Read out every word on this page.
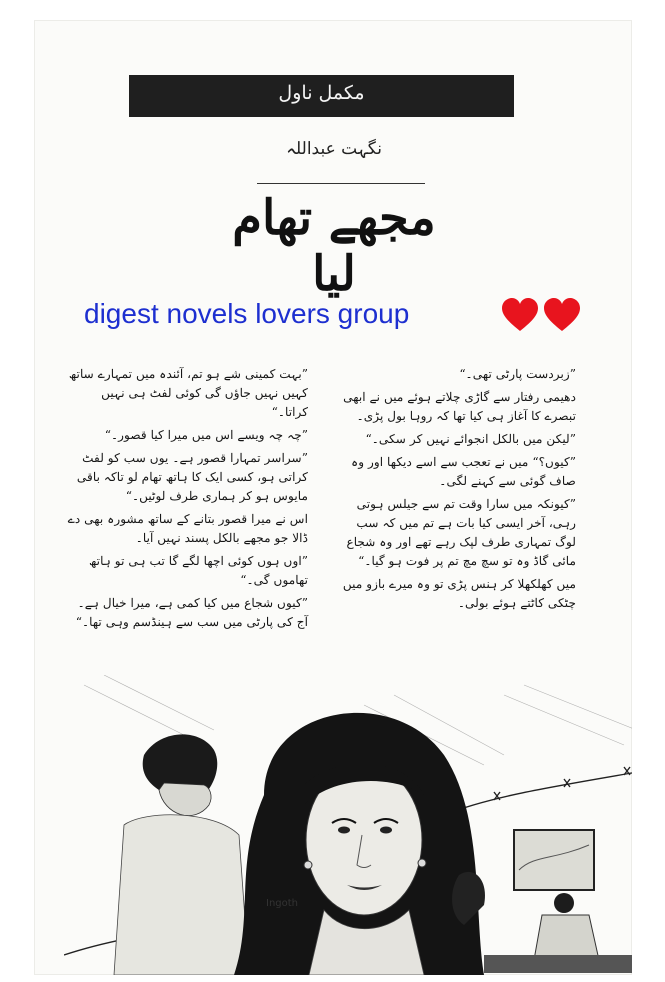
مکمل ناول
نگہت عبداللہ
مجھے تھام لیا
digest novels lovers group

”زبردست پارٹی تھی۔“

دھیمی رفتار سے گاڑی چلاتے ہوئے میں نے ابھی تبصرے کا آغاز ہی کیا تھا کہ روہا بول پڑی۔

”لیکن میں بالکل انجوائے نہیں کر سکی۔“

”کیوں؟“ میں نے تعجب سے اسے دیکھا اور وہ صاف گوئی سے کہنے لگی۔

”کیونکہ میں سارا وقت تم سے جیلس ہوتی رہی، آخر ایسی کیا بات ہے تم میں کہ سب لوگ تمہاری طرف لپک رہے تھے اور وہ شجاع مائی گاڈ وہ تو سچ مچ تم پر فوت ہو گیا۔“

میں کھلکھلا کر ہنس پڑی تو وہ میرے بازو میں چٹکی کاٹتے ہوئے بولی۔

”بہت کمینی شے ہو تم، آئندہ میں تمہارے ساتھ کہیں نہیں جاؤں گی کوئی لفٹ ہی نہیں کراتا۔“

”چہ چہ ویسے اس میں میرا کیا قصور۔“

”سراسر تمہارا قصور ہے۔ یوں سب کو لفٹ کراتی ہو، کسی ایک کا ہاتھ تھام لو تاکہ باقی مایوس ہو کر ہماری طرف لوٹیں۔“

اس نے میرا قصور بتانے کے ساتھ مشورہ بھی دے ڈالا جو مجھے بالکل پسند نہیں آیا۔

”اوں ہوں کوئی اچھا لگے گا تب ہی تو ہاتھ تھاموں گی۔“

”کیوں شجاع میں کیا کمی ہے، میرا خیال ہے۔ آج کی پارٹی میں سب سے ہینڈسم وہی تھا۔“

Ingoth
